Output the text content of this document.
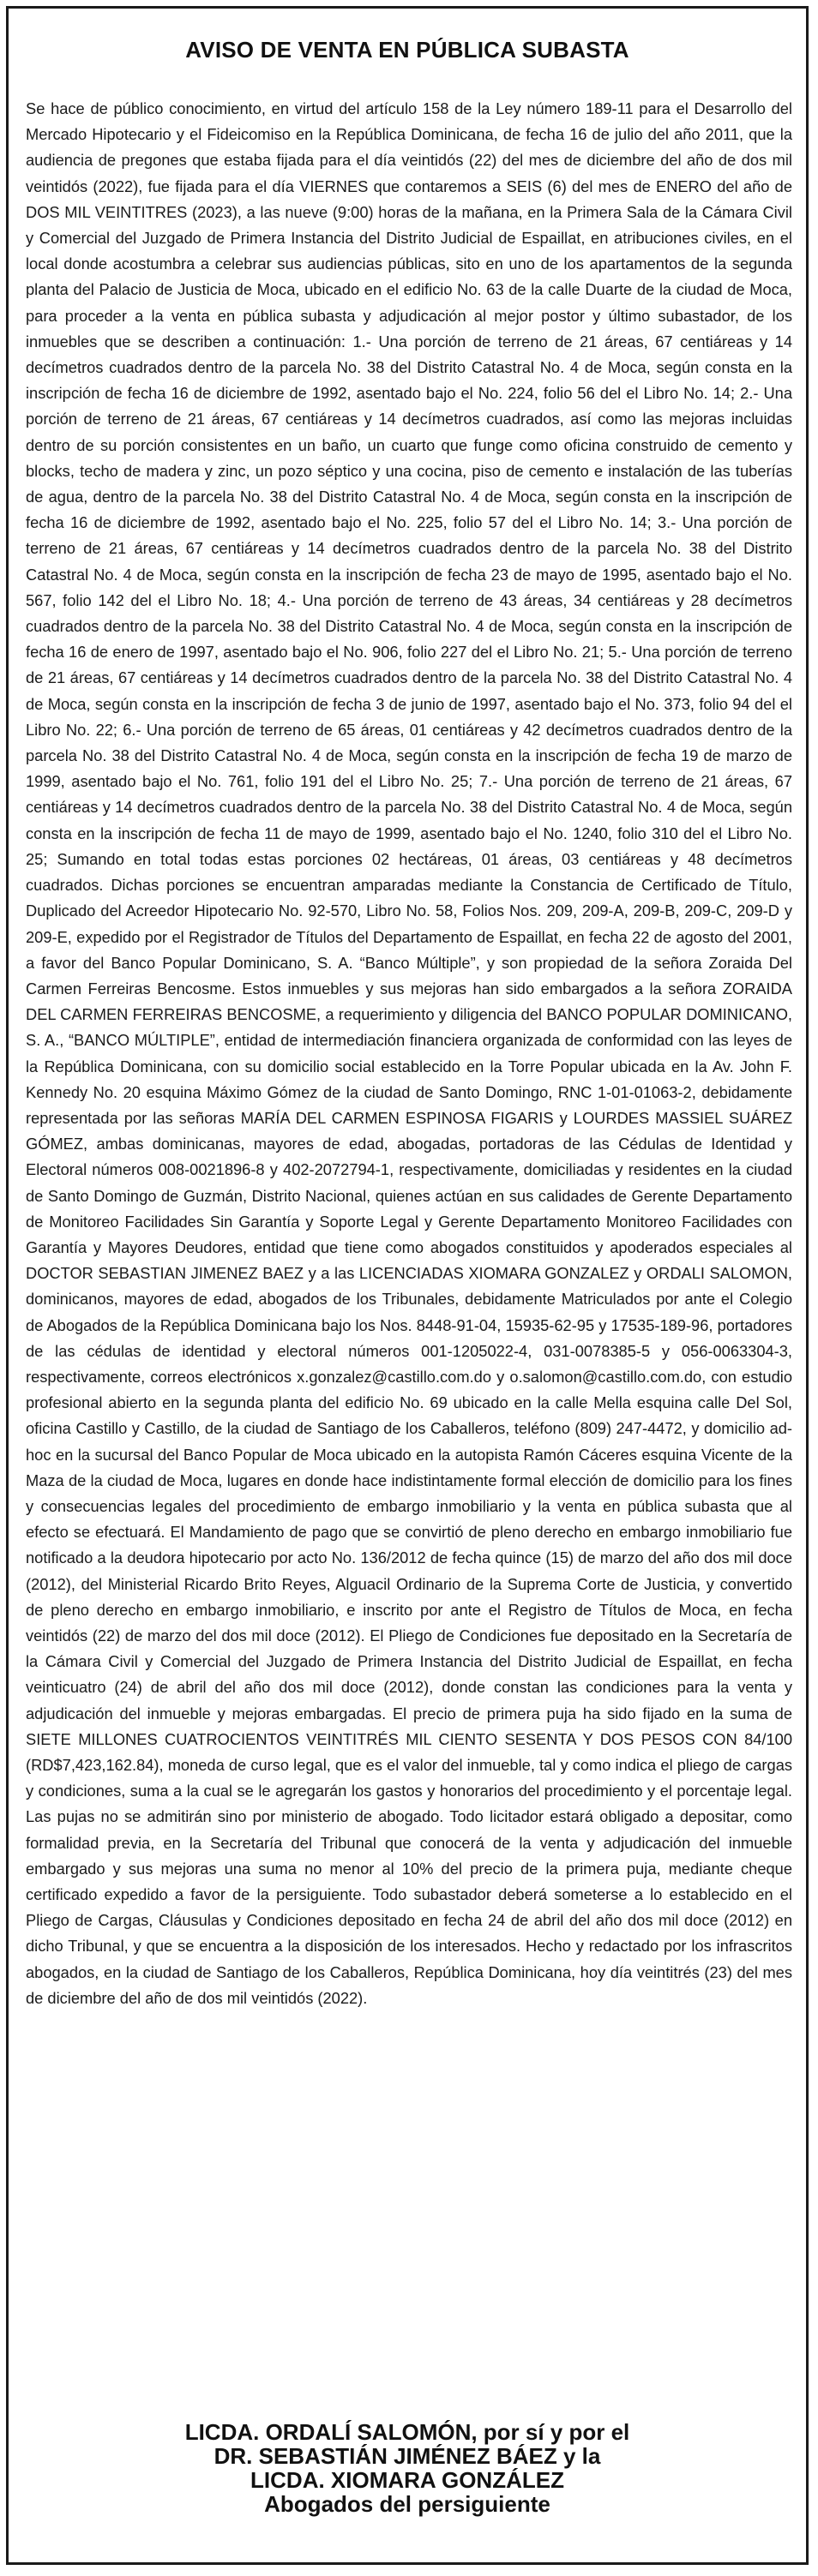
AVISO DE VENTA EN PÚBLICA SUBASTA

Se hace de público conocimiento, en virtud del artículo 158 de la Ley número 189-11 para el Desarrollo del Mercado Hipotecario y el Fideicomiso en la República Dominicana, de fecha 16 de julio del año 2011, que la audiencia de pregones que estaba fijada para el día veintidós (22) del mes de diciembre del año de dos mil veintidós (2022), fue fijada para el día VIERNES que contaremos a SEIS (6) del mes de ENERO del año de DOS MIL VEINTITRES (2023), a las nueve (9:00) horas de la mañana, en la Primera Sala de la Cámara Civil y Comercial del Juzgado de Primera Instancia del Distrito Judicial de Espaillat, en atribuciones civiles, en el local donde acostumbra a celebrar sus audiencias públicas, sito en uno de los apartamentos de la segunda planta del Palacio de Justicia de Moca, ubicado en el edificio No. 63 de la calle Duarte de la ciudad de Moca, para proceder a la venta en pública subasta y adjudicación al mejor postor y último subastador, de los inmuebles que se describen a continuación: 1.- Una porción de terreno de 21 áreas, 67 centiáreas y 14 decímetros cuadrados dentro de la parcela No. 38 del Distrito Catastral No. 4 de Moca, según consta en la inscripción de fecha 16 de diciembre de 1992, asentado bajo el No. 224, folio 56 del el Libro No. 14; 2.- Una porción de terreno de 21 áreas, 67 centiáreas y 14 decímetros cuadrados, así como las mejoras incluidas dentro de su porción consistentes en un baño, un cuarto que funge como oficina construido de cemento y blocks, techo de madera y zinc, un pozo séptico y una cocina, piso de cemento e instalación de las tuberías de agua, dentro de la parcela No. 38 del Distrito Catastral No. 4 de Moca, según consta en la inscripción de fecha 16 de diciembre de 1992, asentado bajo el No. 225, folio 57 del el Libro No. 14; 3.- Una porción de terreno de 21 áreas, 67 centiáreas y 14 decímetros cuadrados dentro de la parcela No. 38 del Distrito Catastral No. 4 de Moca, según consta en la inscripción de fecha 23 de mayo de 1995, asentado bajo el No. 567, folio 142 del el Libro No. 18; 4.- Una porción de terreno de 43 áreas, 34 centiáreas y 28 decímetros cuadrados dentro de la parcela No. 38 del Distrito Catastral No. 4 de Moca, según consta en la inscripción de fecha 16 de enero de 1997, asentado bajo el No. 906, folio 227 del el Libro No. 21; 5.- Una porción de terreno de 21 áreas, 67 centiáreas y 14 decímetros cuadrados dentro de la parcela No. 38 del Distrito Catastral No. 4 de Moca, según consta en la inscripción de fecha 3 de junio de 1997, asentado bajo el No. 373, folio 94 del el Libro No. 22; 6.- Una porción de terreno de 65 áreas, 01 centiáreas y 42 decímetros cuadrados dentro de la parcela No. 38 del Distrito Catastral No. 4 de Moca, según consta en la inscripción de fecha 19 de marzo de 1999, asentado bajo el No. 761, folio 191 del el Libro No. 25; 7.- Una porción de terreno de 21 áreas, 67 centiáreas y 14 decímetros cuadrados dentro de la parcela No. 38 del Distrito Catastral No. 4 de Moca, según consta en la inscripción de fecha 11 de mayo de 1999, asentado bajo el No. 1240, folio 310 del el Libro No. 25; Sumando en total todas estas porciones 02 hectáreas, 01 áreas, 03 centiáreas y 48 decímetros cuadrados. Dichas porciones se encuentran amparadas mediante la Constancia de Certificado de Título, Duplicado del Acreedor Hipotecario No. 92-570, Libro No. 58, Folios Nos. 209, 209-A, 209-B, 209-C, 209-D y 209-E, expedido por el Registrador de Títulos del Departamento de Espaillat, en fecha 22 de agosto del 2001, a favor del Banco Popular Dominicano, S. A. “Banco Múltiple”, y son propiedad de la señora Zoraida Del Carmen Ferreiras Bencosme. Estos inmuebles y sus mejoras han sido embargados a la señora ZORAIDA DEL CARMEN FERREIRAS BENCOSME, a requerimiento y diligencia del BANCO POPULAR DOMINICANO, S. A., “BANCO MÚLTIPLE”, entidad de intermediación financiera organizada de conformidad con las leyes de la República Dominicana, con su domicilio social establecido en la Torre Popular ubicada en la Av. John F. Kennedy No. 20 esquina Máximo Gómez de la ciudad de Santo Domingo, RNC 1-01-01063-2, debidamente representada por las señoras MARÍA DEL CARMEN ESPINOSA FIGARIS y LOURDES MASSIEL SUÁREZ GÓMEZ, ambas dominicanas, mayores de edad, abogadas, portadoras de las Cédulas de Identidad y Electoral números 008-0021896-8 y 402-2072794-1, respectivamente, domiciliadas y residentes en la ciudad de Santo Domingo de Guzmán, Distrito Nacional, quienes actúan en sus calidades de Gerente Departamento de Monitoreo Facilidades Sin Garantía y Soporte Legal y Gerente Departamento Monitoreo Facilidades con Garantía y Mayores Deudores, entidad que tiene como abogados constituidos y apoderados especiales al DOCTOR SEBASTIAN JIMENEZ BAEZ y a las LICENCIADAS XIOMARA GONZALEZ y ORDALI SALOMON, dominicanos, mayores de edad, abogados de los Tribunales, debidamente Matriculados por ante el Colegio de Abogados de la República Dominicana bajo los Nos. 8448-91-04, 15935-62-95 y 17535-189-96, portadores de las cédulas de identidad y electoral números 001-1205022-4, 031-0078385-5 y 056-0063304-3, respectivamente, correos electrónicos x.gonzalez@castillo.com.do y o.salomon@castillo.com.do, con estudio profesional abierto en la segunda planta del edificio No. 69 ubicado en la calle Mella esquina calle Del Sol, oficina Castillo y Castillo, de la ciudad de Santiago de los Caballeros, teléfono (809) 247-4472, y domicilio ad-hoc en la sucursal del Banco Popular de Moca ubicado en la autopista Ramón Cáceres esquina Vicente de la Maza de la ciudad de Moca, lugares en donde hace indistintamente formal elección de domicilio para los fines y consecuencias legales del procedimiento de embargo inmobiliario y la venta en pública subasta que al efecto se efectuará. El Mandamiento de pago que se convirtió de pleno derecho en embargo inmobiliario fue notificado a la deudora hipotecario por acto No. 136/2012 de fecha quince (15) de marzo del año dos mil doce (2012), del Ministerial Ricardo Brito Reyes, Alguacil Ordinario de la Suprema Corte de Justicia, y convertido de pleno derecho en embargo inmobiliario, e inscrito por ante el Registro de Títulos de Moca, en fecha veintidós (22) de marzo del dos mil doce (2012). El Pliego de Condiciones fue depositado en la Secretaría de la Cámara Civil y Comercial del Juzgado de Primera Instancia del Distrito Judicial de Espaillat, en fecha veinticuatro (24) de abril del año dos mil doce (2012), donde constan las condiciones para la venta y adjudicación del inmueble y mejoras embargadas. El precio de primera puja ha sido fijado en la suma de SIETE MILLONES CUATROCIENTOS VEINTITRÉS MIL CIENTO SESENTA Y DOS PESOS CON 84/100 (RD$7,423,162.84), moneda de curso legal, que es el valor del inmueble, tal y como indica el pliego de cargas y condiciones, suma a la cual se le agregarán los gastos y honorarios del procedimiento y el porcentaje legal. Las pujas no se admitirán sino por ministerio de abogado. Todo licitador estará obligado a depositar, como formalidad previa, en la Secretaría del Tribunal que conocerá de la venta y adjudicación del inmueble embargado y sus mejoras una suma no menor al 10% del precio de la primera puja, mediante cheque certificado expedido a favor de la persiguiente. Todo subastador deberá someterse a lo establecido en el Pliego de Cargas, Cláusulas y Condiciones depositado en fecha 24 de abril del año dos mil doce (2012) en dicho Tribunal, y que se encuentra a la disposición de los interesados. Hecho y redactado por los infrascritos abogados, en la ciudad de Santiago de los Caballeros, República Dominicana, hoy día veintitrés (23) del mes de diciembre del año de dos mil veintidós (2022).

LICDA. ORDALÍ SALOMÓN, por sí y por el
DR. SEBASTIÁN JIMÉNEZ BÁEZ y la
LICDA. XIOMARA GONZÁLEZ
Abogados del persiguiente
